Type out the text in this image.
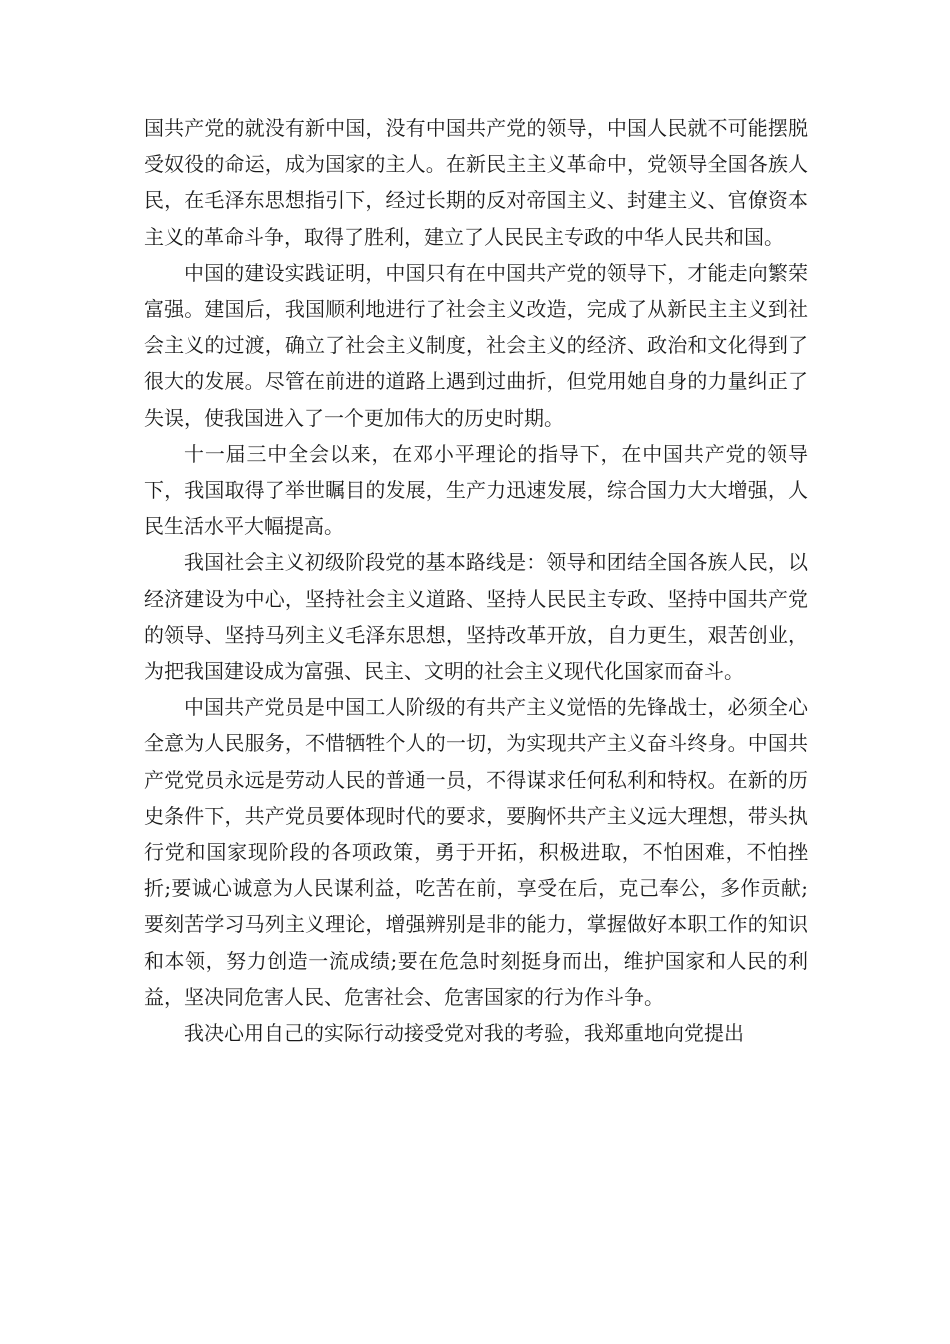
国共产党的就没有新中国，没有中国共产党的领导，中国人民就不可能摆脱受奴役的命运，成为国家的主人。在新民主主义革命中，党领导全国各族人民，在毛泽东思想指引下，经过长期的反对帝国主义、封建主义、官僚资本主义的革命斗争，取得了胜利，建立了人民民主专政的中华人民共和国。

中国的建设实践证明，中国只有在中国共产党的领导下，才能走向繁荣富强。建国后，我国顺利地进行了社会主义改造，完成了从新民主主义到社会主义的过渡，确立了社会主义制度，社会主义的经济、政治和文化得到了很大的发展。尽管在前进的道路上遇到过曲折，但党用她自身的力量纠正了失误，使我国进入了一个更加伟大的历史时期。

十一届三中全会以来，在邓小平理论的指导下，在中国共产党的领导下，我国取得了举世瞩目的发展，生产力迅速发展，综合国力大大增强，人民生活水平大幅提高。

我国社会主义初级阶段党的基本路线是：领导和团结全国各族人民，以经济建设为中心，坚持社会主义道路、坚持人民民主专政、坚持中国共产党的领导、坚持马列主义毛泽东思想，坚持改革开放，自力更生，艰苦创业，为把我国建设成为富强、民主、文明的社会主义现代化国家而奋斗。

中国共产党员是中国工人阶级的有共产主义觉悟的先锋战士，必须全心全意为人民服务，不惜牺牲个人的一切，为实现共产主义奋斗终身。中国共产党党员永远是劳动人民的普通一员，不得谋求任何私利和特权。在新的历史条件下，共产党员要体现时代的要求，要胸怀共产主义远大理想，带头执行党和国家现阶段的各项政策，勇于开拓，积极进取，不怕困难，不怕挫折;要诚心诚意为人民谋利益，吃苦在前，享受在后，克己奉公，多作贡献;要刻苦学习马列主义理论，增强辨别是非的能力，掌握做好本职工作的知识和本领，努力创造一流成绩;要在危急时刻挺身而出，维护国家和人民的利益，坚决同危害人民、危害社会、危害国家的行为作斗争。

我决心用自己的实际行动接受党对我的考验，我郑重地向党提出
